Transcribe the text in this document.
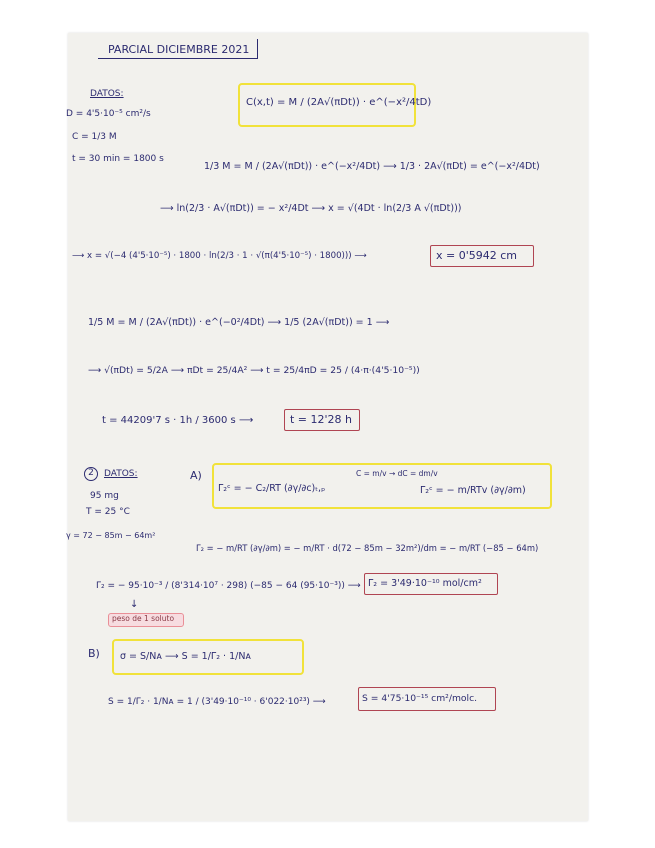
PARCIAL DICIEMBRE 2021
DATOS:
D = 4'5·10⁻⁵ cm²/s
C = 1/3 M
t = 30 min = 1800 s
C(x,t) = M / (2A√(πDt)) · e^(−x²/4tD)
1/3 M = M / (2A√(πDt)) · e^(−x²/4Dt) ⟶ 1/3 · 2A√(πDt) = e^(−x²/4Dt)
⟶ ln(2/3 · A√(πDt)) = − x²/4Dt ⟶ x = √(4Dt · ln(2/3 A √(πDt)))
⟶ x = √(−4 (4'5·10⁻⁵) · 1800 · ln(2/3 · 1 · √(π(4'5·10⁻⁵) · 1800))) ⟶	x = 0'5942 cm
1/5 M = M / (2A√(πDt)) · e^(−0²/4Dt) ⟶ 1/5 (2A√(πDt)) = 1 ⟶
⟶ √(πDt) = 5/2A ⟶ πDt = 25/4A² ⟶ t = 25/4πD = 25 / (4·π·(4'5·10⁻⁵))
t = 44209'7 s · 1h / 3600 s ⟶	t = 12'28 h
2	DATOS:
95 mg
T = 25 °C
γ = 72 − 85m − 64m²
A)
Γ₂ᶜ = − C₂/RT (∂γ/∂c)ₜ,ₚ
C = m/v → dC = dm/v
Γ₂ᶜ = − m/RTv (∂γ/∂m)
Γ₂ = − m/RT (∂γ/∂m) = − m/RT · d(72 − 85m − 32m²)/dm = − m/RT (−85 − 64m)
Γ₂ = − 95·10⁻³ / (8'314·10⁷ · 298) (−85 − 64 (95·10⁻³)) ⟶ Γ₂ = 3'49·10⁻¹⁰ mol/cm²
↓
peso de 1 soluto
B) σ = S/Nᴀ ⟶ S = 1/Γ₂ · 1/Nᴀ
S = 1/Γ₂ · 1/Nᴀ = 1 / (3'49·10⁻¹⁰ · 6'022·10²³) ⟶	S = 4'75·10⁻¹⁵ cm²/molc.
